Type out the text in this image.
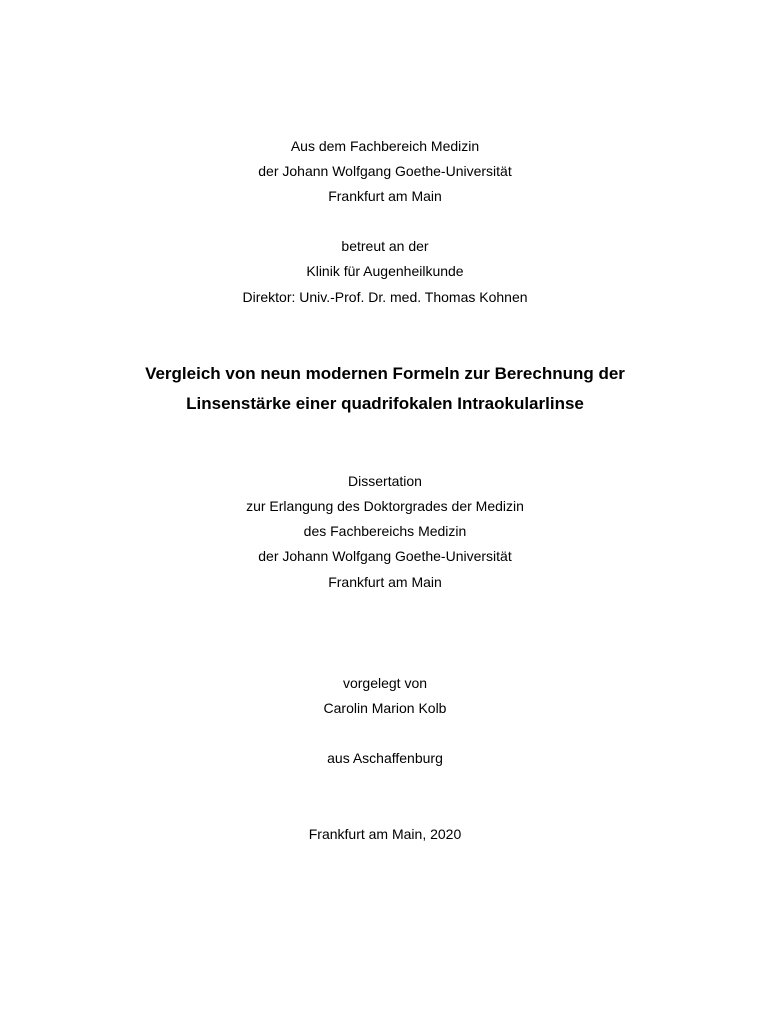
Aus dem Fachbereich Medizin
der Johann Wolfgang Goethe-Universität
Frankfurt am Main
betreut an der
Klinik für Augenheilkunde
Direktor: Univ.-Prof. Dr. med. Thomas Kohnen
Vergleich von neun modernen Formeln zur Berechnung der
Linsenstärke einer quadrifokalen Intraokularlinse
Dissertation
zur Erlangung des Doktorgrades der Medizin
des Fachbereichs Medizin
der Johann Wolfgang Goethe-Universität
Frankfurt am Main
vorgelegt von
Carolin Marion Kolb
aus Aschaffenburg
Frankfurt am Main, 2020
